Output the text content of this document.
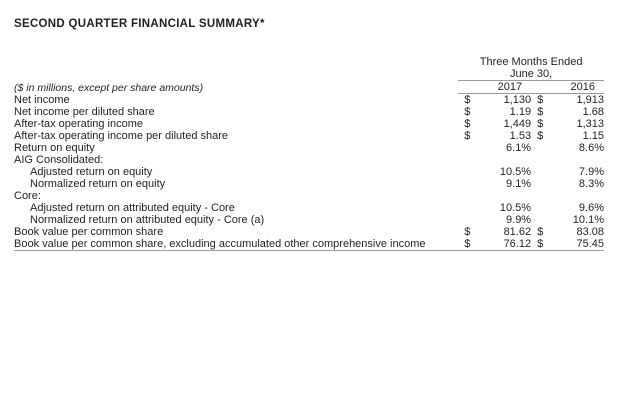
SECOND QUARTER FINANCIAL SUMMARY*
	Three Months Ended	
	June 30,	
($ in millions, except per share amounts)	2017	2016

Net income	$ 1,130	$ 1,913
Net income per diluted share	$ 1.19	$ 1.68
After-tax operating income	$ 1,449	$ 1,313
After-tax operating income per diluted share	$ 1.53	$ 1.15
Return on equity	6.1%	8.6%
AIG Consolidated:		
Adjusted return on equity	10.5%	7.9%
Normalized return on equity	9.1%	8.3%
Core:		
Adjusted return on attributed equity - Core	10.5%	9.6%
Normalized return on attributed equity - Core (a)	9.9%	10.1%
Book value per common share	$ 81.62	$ 83.08
Book value per common share, excluding accumulated other comprehensive income	$ 76.12	$ 75.45
